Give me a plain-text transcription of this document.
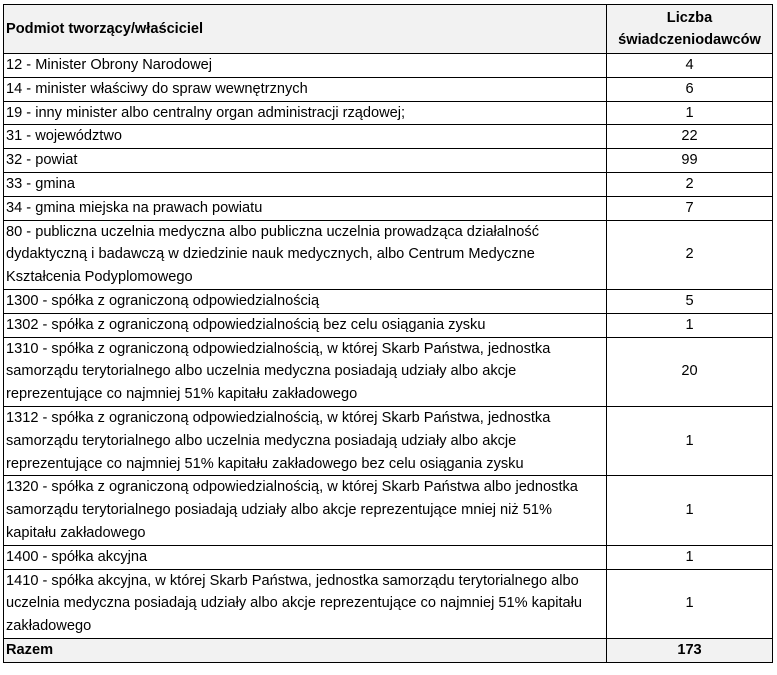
Podmiot tworzący/właściciel	Liczba
świadczeniodawców
12 - Minister Obrony Narodowej	4
14 - minister właściwy do spraw wewnętrznych	6
19 - inny minister albo centralny organ administracji rządowej;	1
31 - województwo	22
32 - powiat	99
33 - gmina	2
34 - gmina miejska na prawach powiatu	7
80 - publiczna uczelnia medyczna albo publiczna uczelnia prowadząca działalność dydaktyczną i badawczą w dziedzinie nauk medycznych, albo Centrum Medyczne Kształcenia Podyplomowego	2
1300 - spółka z ograniczoną odpowiedzialnością	5
1302 - spółka z ograniczoną odpowiedzialnością bez celu osiągania zysku	1
1310 - spółka z ograniczoną odpowiedzialnością, w której Skarb Państwa, jednostka samorządu terytorialnego albo uczelnia medyczna posiadają udziały albo akcje reprezentujące co najmniej 51% kapitału zakładowego	20
1312 - spółka z ograniczoną odpowiedzialnością, w której Skarb Państwa, jednostka samorządu terytorialnego albo uczelnia medyczna posiadają udziały albo akcje reprezentujące co najmniej 51% kapitału zakładowego bez celu osiągania zysku	1
1320 - spółka z ograniczoną odpowiedzialnością, w której Skarb Państwa albo jednostka samorządu terytorialnego posiadają udziały albo akcje reprezentujące mniej niż 51% kapitału zakładowego	1
1400 - spółka akcyjna	1
1410 - spółka akcyjna, w której Skarb Państwa, jednostka samorządu terytorialnego albo uczelnia medyczna posiadają udziały albo akcje reprezentujące co najmniej 51% kapitału zakładowego	1
Razem	173
